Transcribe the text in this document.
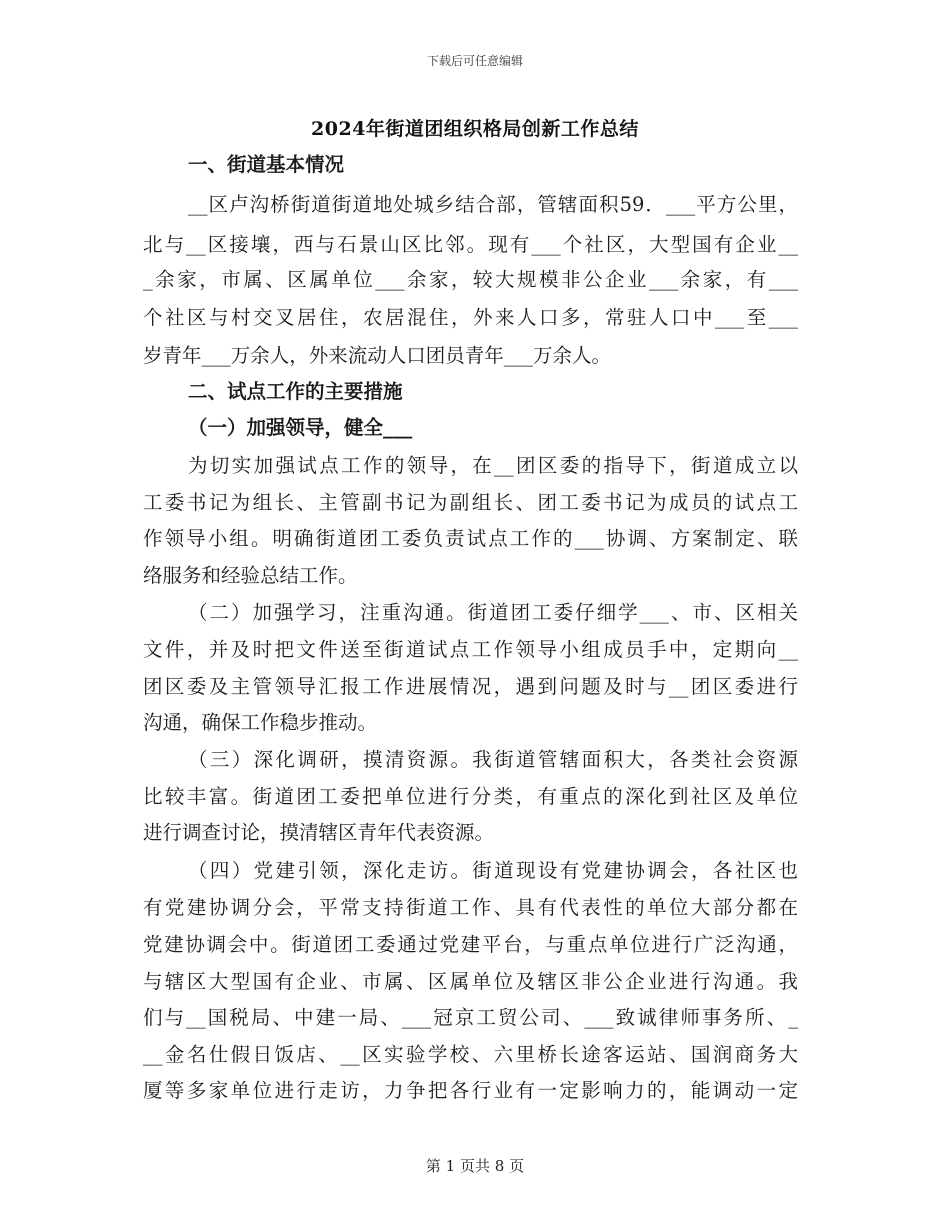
下载后可任意编辑
2024年街道团组织格局创新工作总结
一、街道基本情况
__区卢沟桥街道街道地处城乡结合部，管辖面积59．___平方公里，
北与__区接壤，西与石景山区比邻。现有___个社区，大型国有企业__
_余家，市属、区属单位___余家，较大规模非公企业___余家，有___
个社区与村交叉居住，农居混住，外来人口多，常驻人口中___至___
岁青年___万余人，外来流动人口团员青年___万余人。
二、试点工作的主要措施
（一）加强领导，健全___
为切实加强试点工作的领导，在__团区委的指导下，街道成立以
工委书记为组长、主管副书记为副组长、团工委书记为成员的试点工
作领导小组。明确街道团工委负责试点工作的___协调、方案制定、联
络服务和经验总结工作。
（二）加强学习，注重沟通。街道团工委仔细学___、市、区相关
文件，并及时把文件送至街道试点工作领导小组成员手中，定期向__
团区委及主管领导汇报工作进展情况，遇到问题及时与__团区委进行
沟通，确保工作稳步推动。
（三）深化调研，摸清资源。我街道管辖面积大，各类社会资源
比较丰富。街道团工委把单位进行分类，有重点的深化到社区及单位
进行调查讨论，摸清辖区青年代表资源。
（四）党建引领，深化走访。街道现设有党建协调会，各社区也
有党建协调分会，平常支持街道工作、具有代表性的单位大部分都在
党建协调会中。街道团工委通过党建平台，与重点单位进行广泛沟通，
与辖区大型国有企业、市属、区属单位及辖区非公企业进行沟通。我
们与__国税局、中建一局、___冠京工贸公司、___致诚律师事务所、_
__金名仕假日饭店、__区实验学校、六里桥长途客运站、国润商务大
厦等多家单位进行走访，力争把各行业有一定影响力的，能调动一定
第 1 页共 8 页
